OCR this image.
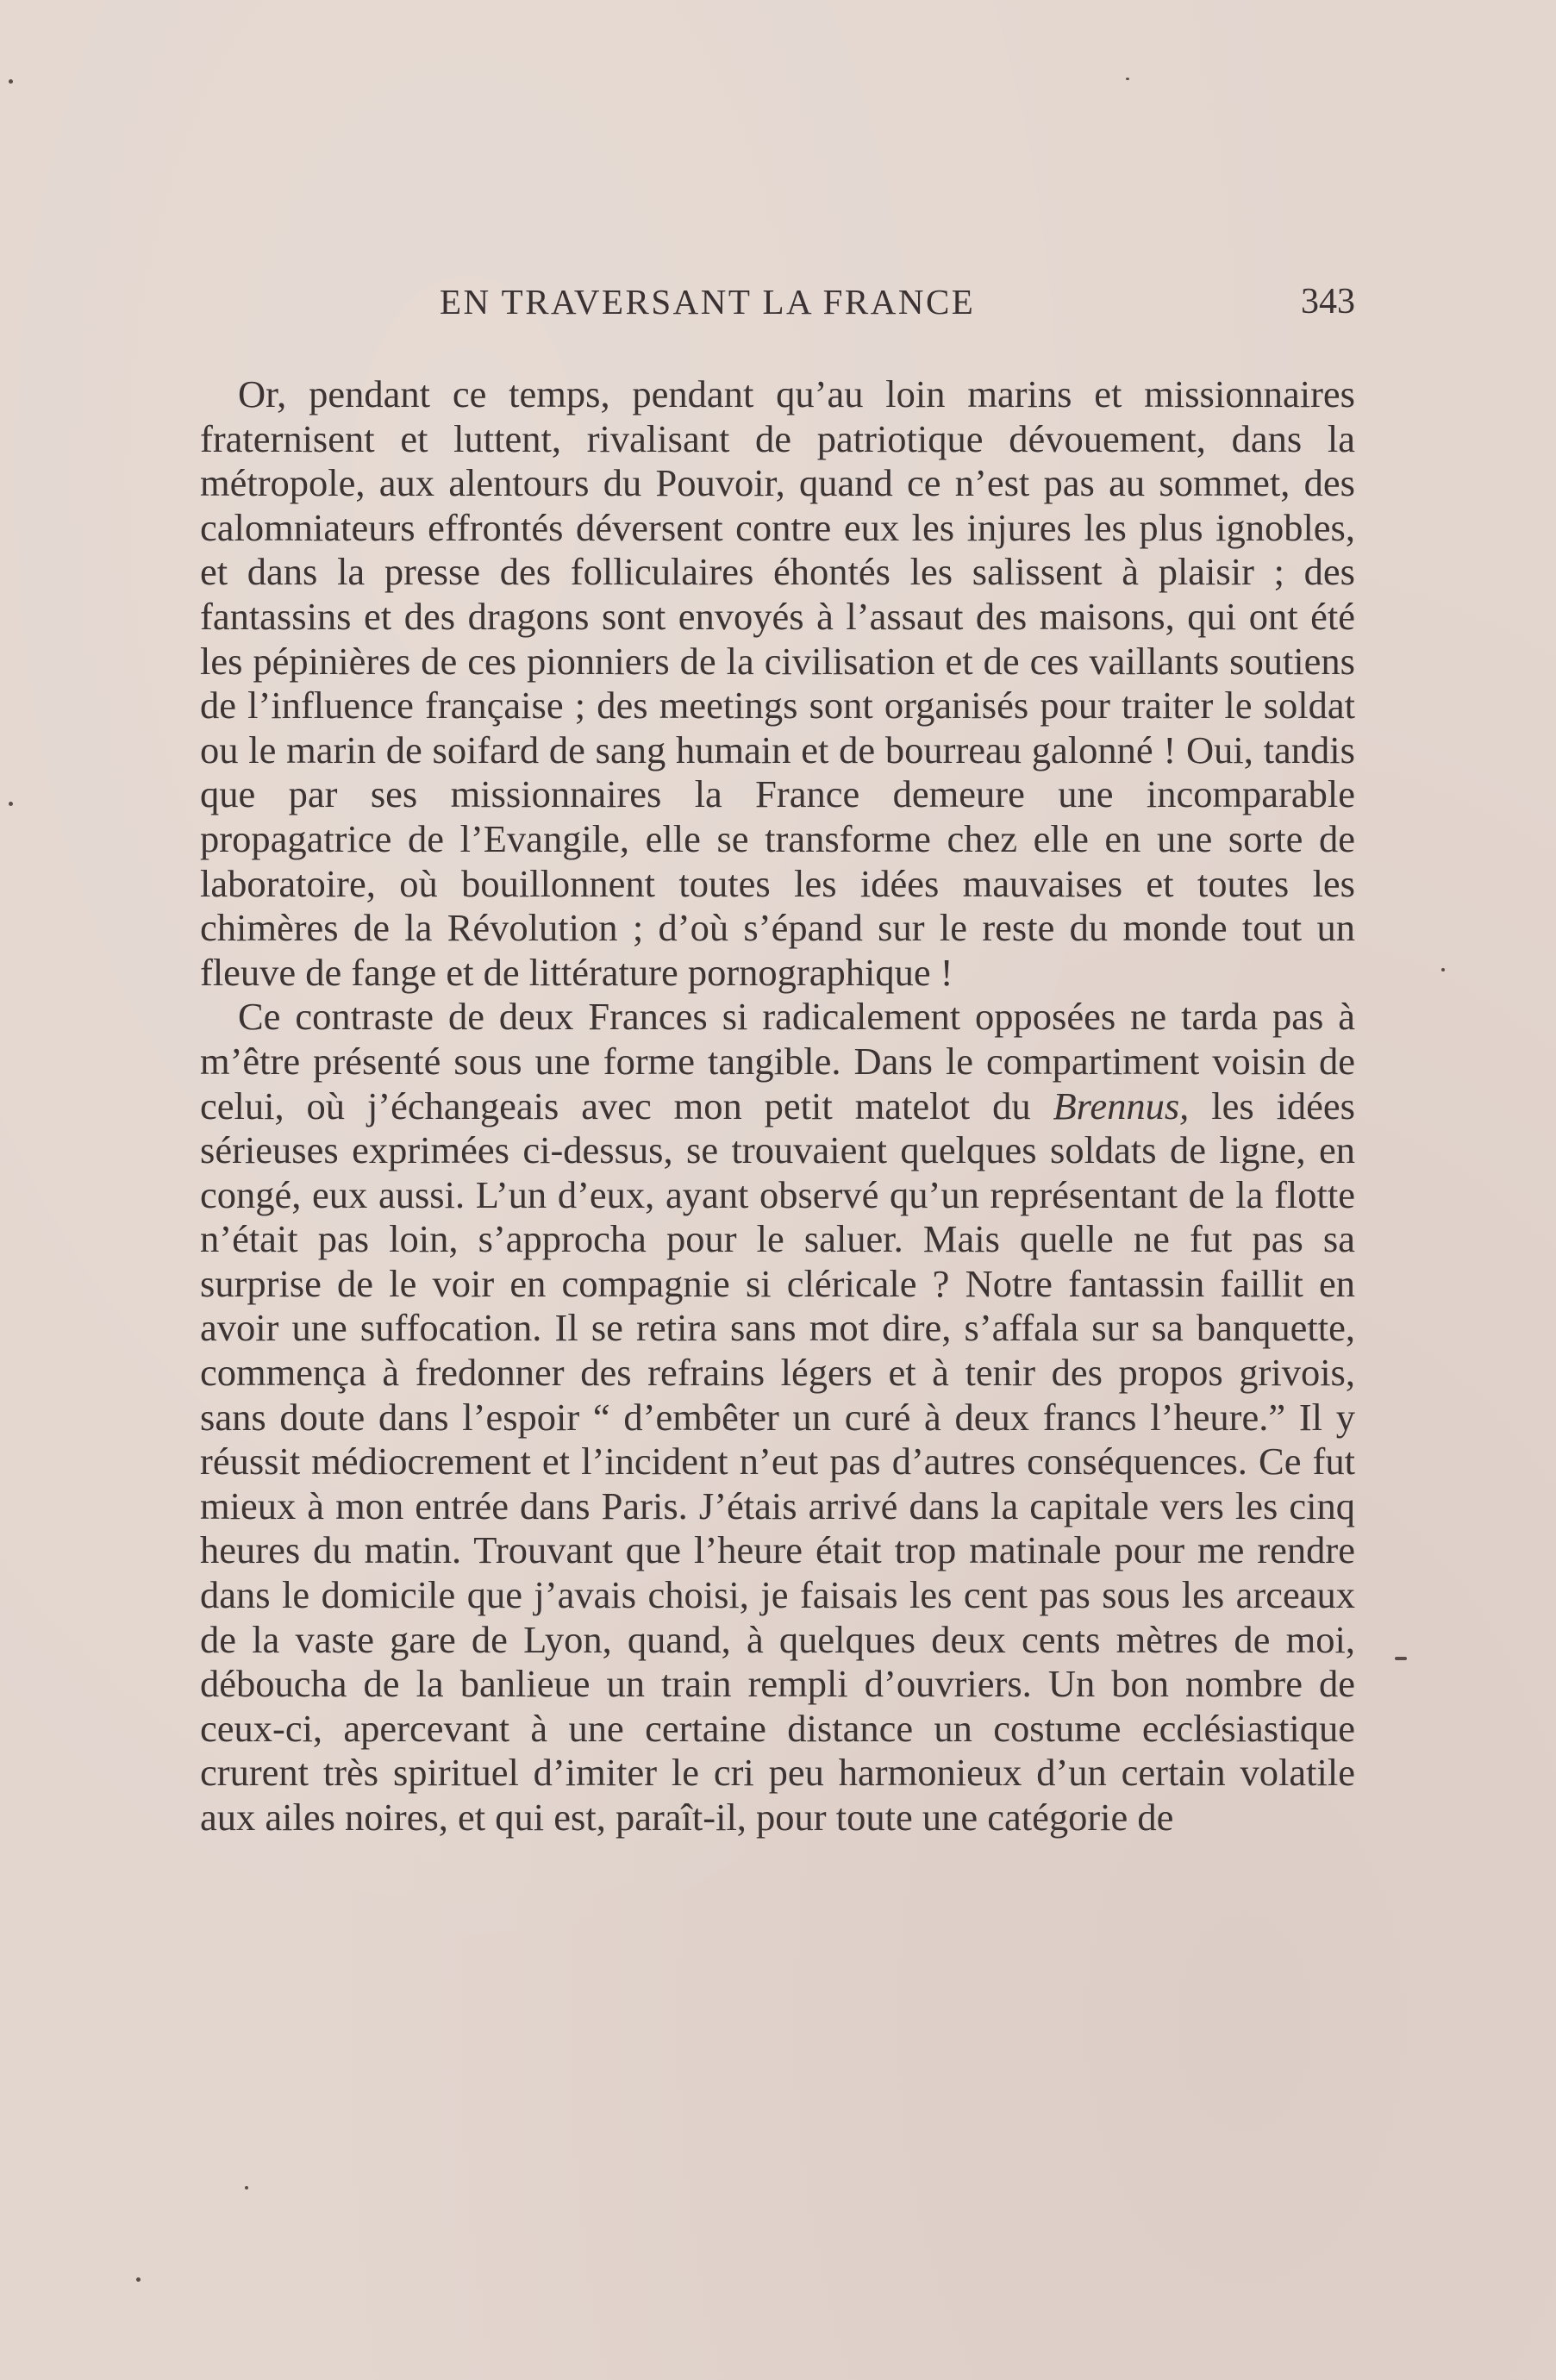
EN TRAVERSANT LA FRANCE	343

Or, pendant ce temps, pendant qu’au loin marins et missionnaires fraternisent et luttent, rivalisant de patriotique dévouement, dans la métropole, aux alentours du Pouvoir, quand ce n’est pas au sommet, des calomniateurs effrontés déversent contre eux les injures les plus ignobles, et dans la presse des folliculaires éhontés les salissent à plaisir ; des fantassins et des dragons sont envoyés à l’assaut des maisons, qui ont été les pépinières de ces pionniers de la civilisation et de ces vaillants soutiens de l’influence française ; des meetings sont organisés pour traiter le soldat ou le marin de soifard de sang humain et de bourreau galonné ! Oui, tandis que par ses missionnaires la France demeure une incomparable propagatrice de l’Evangile, elle se transforme chez elle en une sorte de laboratoire, où bouillonnent toutes les idées mauvaises et toutes les chimères de la Révolution ; d’où s’épand sur le reste du monde tout un fleuve de fange et de littérature pornographique !

Ce contraste de deux Frances si radicalement opposées ne tarda pas à m’être présenté sous une forme tangible. Dans le compartiment voisin de celui, où j’échangeais avec mon petit matelot du Brennus, les idées sérieuses exprimées ci-dessus, se trouvaient quelques soldats de ligne, en congé, eux aussi. L’un d’eux, ayant observé qu’un représentant de la flotte n’était pas loin, s’approcha pour le saluer. Mais quelle ne fut pas sa surprise de le voir en compagnie si cléricale ? Notre fantassin faillit en avoir une suffocation. Il se retira sans mot dire, s’affala sur sa banquette, commença à fredonner des refrains légers et à tenir des propos grivois, sans doute dans l’espoir “ d’embêter un curé à deux francs l’heure.” Il y réussit médiocrement et l’incident n’eut pas d’autres conséquences. Ce fut mieux à mon entrée dans Paris. J’étais arrivé dans la capitale vers les cinq heures du matin. Trouvant que l’heure était trop matinale pour me rendre dans le domicile que j’avais choisi, je faisais les cent pas sous les arceaux de la vaste gare de Lyon, quand, à quelques deux cents mètres de moi, déboucha de la banlieue un train rempli d’ouvriers. Un bon nombre de ceux-ci, apercevant à une certaine distance un costume ecclésiastique crurent très spirituel d’imiter le cri peu harmonieux d’un certain volatile aux ailes noires, et qui est, paraît-il, pour toute une catégorie de
